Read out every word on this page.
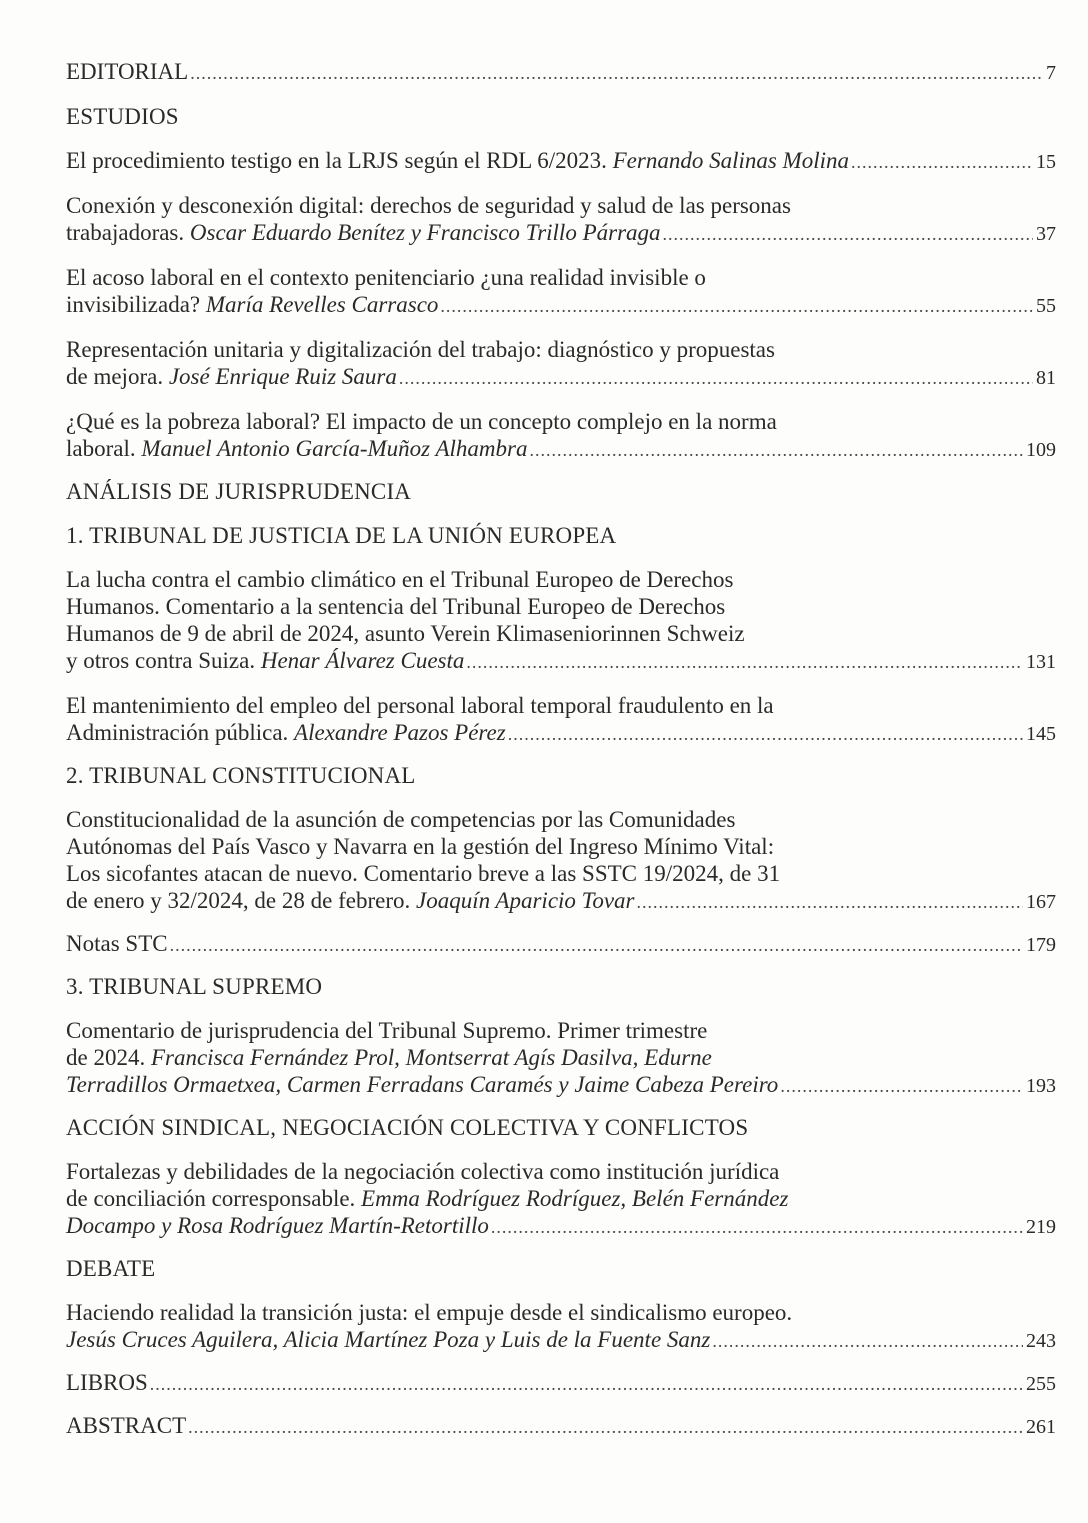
EDITORIAL .....	7
ESTUDIOS
El procedimiento testigo en la LRJS según el RDL 6/2023. Fernando Salinas Molina .....	15
Conexión y desconexión digital: derechos de seguridad y salud de las personas
trabajadoras. Oscar Eduardo Benítez y Francisco Trillo Párraga .....	37
El acoso laboral en el contexto penitenciario ¿una realidad invisible o
invisibilizada? María Revelles Carrasco .....	55
Representación unitaria y digitalización del trabajo: diagnóstico y propuestas
de mejora. José Enrique Ruiz Saura .....	81
¿Qué es la pobreza laboral? El impacto de un concepto complejo en la norma
laboral. Manuel Antonio García-Muñoz Alhambra .....	109
ANÁLISIS DE JURISPRUDENCIA
1. TRIBUNAL DE JUSTICIA DE LA UNIÓN EUROPEA
La lucha contra el cambio climático en el Tribunal Europeo de Derechos
Humanos. Comentario a la sentencia del Tribunal Europeo de Derechos
Humanos de 9 de abril de 2024, asunto Verein Klimaseniorinnen Schweiz
y otros contra Suiza. Henar Álvarez Cuesta .....	131
El mantenimiento del empleo del personal laboral temporal fraudulento en la
Administración pública. Alexandre Pazos Pérez .....	145
2. TRIBUNAL CONSTITUCIONAL
Constitucionalidad de la asunción de competencias por las Comunidades
Autónomas del País Vasco y Navarra en la gestión del Ingreso Mínimo Vital:
Los sicofantes atacan de nuevo. Comentario breve a las SSTC 19/2024, de 31
de enero y 32/2024, de 28 de febrero. Joaquín Aparicio Tovar .....	167
Notas STC .....	179
3. TRIBUNAL SUPREMO
Comentario de jurisprudencia del Tribunal Supremo. Primer trimestre
de 2024. Francisca Fernández Prol, Montserrat Agís Dasilva, Edurne
Terradillos Ormaetxea, Carmen Ferradans Caramés y Jaime Cabeza Pereiro .....	193
ACCIÓN SINDICAL, NEGOCIACIÓN COLECTIVA Y CONFLICTOS
Fortalezas y debilidades de la negociación colectiva como institución jurídica
de conciliación corresponsable. Emma Rodríguez Rodríguez, Belén Fernández
Docampo y Rosa Rodríguez Martín-Retortillo .....	219
DEBATE
Haciendo realidad la transición justa: el empuje desde el sindicalismo europeo.
Jesús Cruces Aguilera, Alicia Martínez Poza y Luis de la Fuente Sanz .....	243
LIBROS .....	255
ABSTRACT .....	261
